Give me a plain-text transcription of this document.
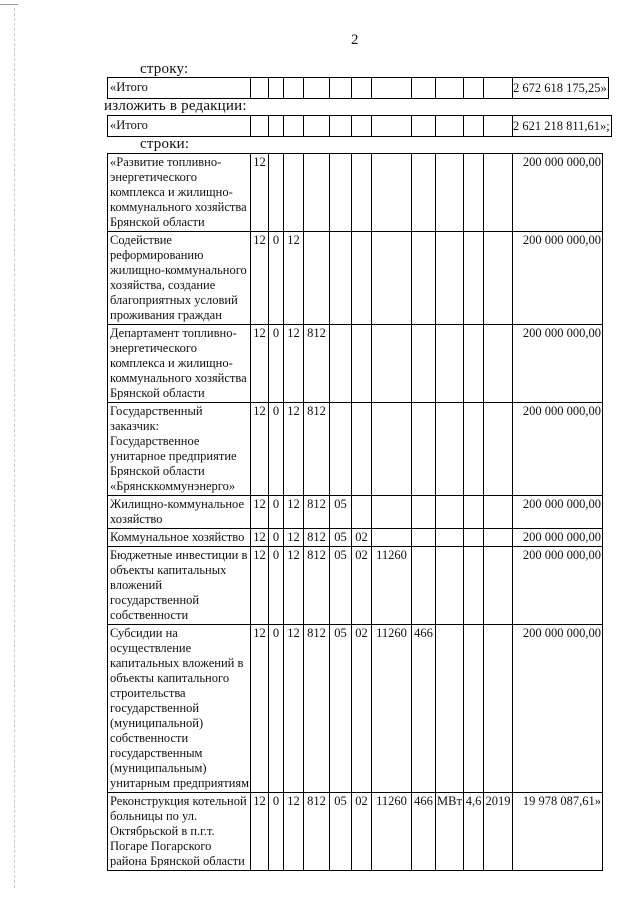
2
строку:
«Итого												2 672 618 175,25»
изложить в редакции:
«Итого												2 621 218 811,61»;
строки:
«Развитие топливно-энергетического комплекса и жилищно-коммунального хозяйства Брянской области	12											200 000 000,00
Содействие реформированию жилищно-коммунального хозяйства, создание благоприятных условий проживания граждан	12	0	12									200 000 000,00
Департамент топливно-энергетического комплекса и жилищно-коммунального хозяйства Брянской области	12	0	12	812								200 000 000,00
Государственный заказчик: Государственное унитарное предприятие Брянской области «Брянсккоммунэнерго»	12	0	12	812								200 000 000,00
Жилищно-коммунальное хозяйство	12	0	12	812	05							200 000 000,00
Коммунальное хозяйство	12	0	12	812	05	02						200 000 000,00
Бюджетные инвестиции в объекты капитальных вложений государственной собственности	12	0	12	812	05	02	11260					200 000 000,00
Субсидии на осуществление капитальных вложений в объекты капитального строительства государственной (муниципальной) собственности государственным (муниципальным) унитарным предприятиям	12	0	12	812	05	02	11260	466				200 000 000,00
Реконструкция котельной больницы по ул. Октябрьской в п.г.т. Погаре Погарского района Брянской области	12	0	12	812	05	02	11260	466	МВт	4,6	2019	19 978 087,61»
